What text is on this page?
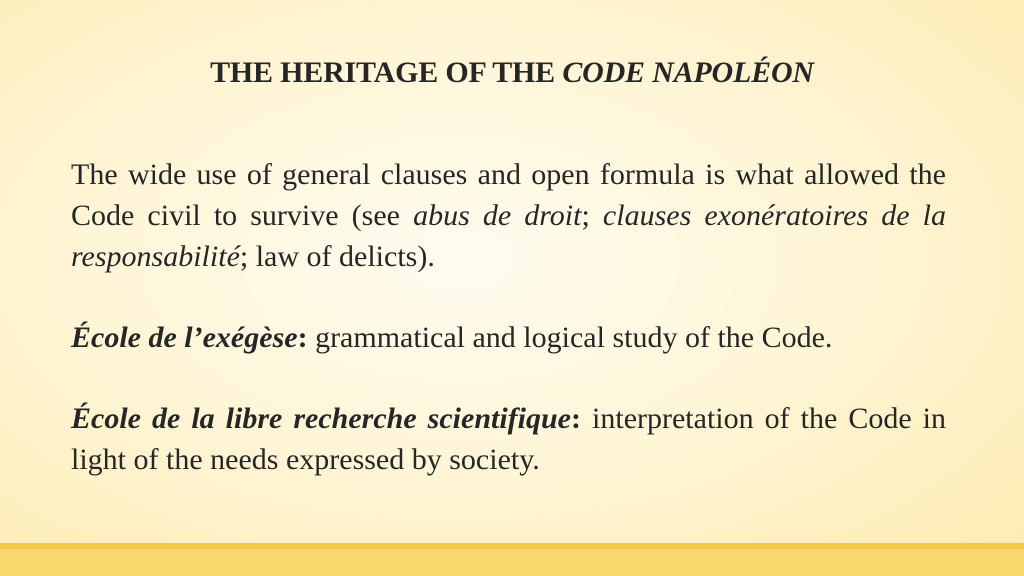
THE HERITAGE OF THE CODE NAPOLÉON

The wide use of general clauses and open formula is what allowed the Code civil to survive (see abus de droit; clauses exonératoires de la responsabilité; law of delicts).

École de l’exégèse: grammatical and logical study of the Code.

École de la libre recherche scientifique: interpretation of the Code in light of the needs expressed by society.
